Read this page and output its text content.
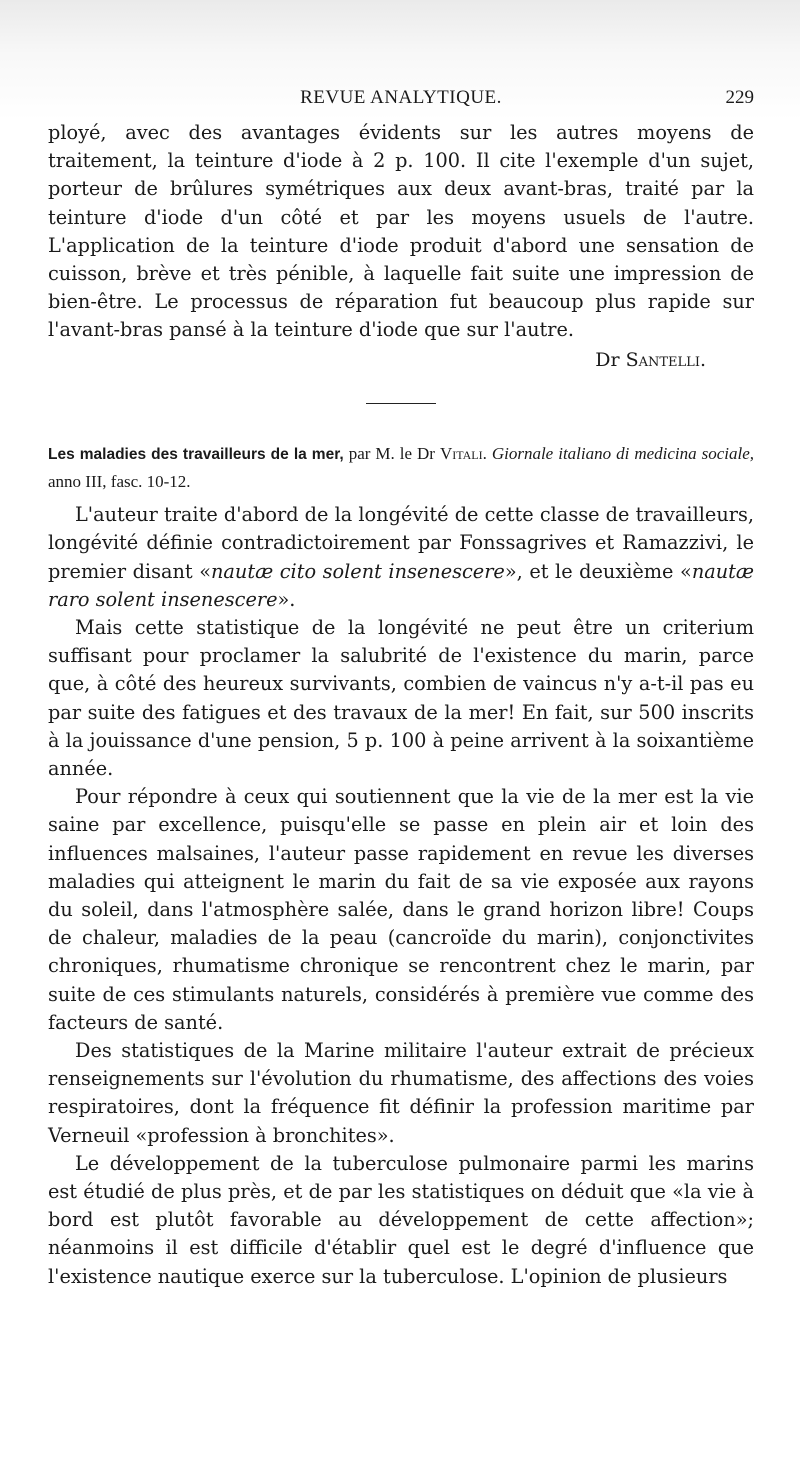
REVUE ANALYTIQUE.	229

ployé, avec des avantages évidents sur les autres moyens de traitement, la teinture d'iode à 2 p. 100. Il cite l'exemple d'un sujet, porteur de brûlures symétriques aux deux avant-bras, traité par la teinture d'iode d'un côté et par les moyens usuels de l'autre. L'application de la teinture d'iode produit d'abord une sensation de cuisson, brève et très pénible, à laquelle fait suite une impression de bien-être. Le processus de réparation fut beaucoup plus rapide sur l'avant-bras pansé à la teinture d'iode que sur l'autre.

Dr Santelli.
Les maladies des travailleurs de la mer, par M. le Dr Vitali. Giornale italiano di medicina sociale, anno III, fasc. 10-12.

L'auteur traite d'abord de la longévité de cette classe de travailleurs, longévité définie contradictoirement par Fonssagrives et Ramazzivi, le premier disant «nautæ cito solent insenescere», et le deuxième «nautæ raro solent insenescere».

Mais cette statistique de la longévité ne peut être un criterium suffisant pour proclamer la salubrité de l'existence du marin, parce que, à côté des heureux survivants, combien de vaincus n'y a-t-il pas eu par suite des fatigues et des travaux de la mer! En fait, sur 500 inscrits à la jouissance d'une pension, 5 p. 100 à peine arrivent à la soixantième année.

Pour répondre à ceux qui soutiennent que la vie de la mer est la vie saine par excellence, puisqu'elle se passe en plein air et loin des influences malsaines, l'auteur passe rapidement en revue les diverses maladies qui atteignent le marin du fait de sa vie exposée aux rayons du soleil, dans l'atmosphère salée, dans le grand horizon libre! Coups de chaleur, maladies de la peau (cancroïde du marin), conjonctivites chroniques, rhumatisme chronique se rencontrent chez le marin, par suite de ces stimulants naturels, considérés à première vue comme des facteurs de santé.

Des statistiques de la Marine militaire l'auteur extrait de précieux renseignements sur l'évolution du rhumatisme, des affections des voies respiratoires, dont la fréquence fit définir la profession maritime par Verneuil «profession à bronchites».

Le développement de la tuberculose pulmonaire parmi les marins est étudié de plus près, et de par les statistiques on déduit que «la vie à bord est plutôt favorable au développement de cette affection»; néanmoins il est difficile d'établir quel est le degré d'influence que l'existence nautique exerce sur la tuberculose. L'opinion de plusieurs
